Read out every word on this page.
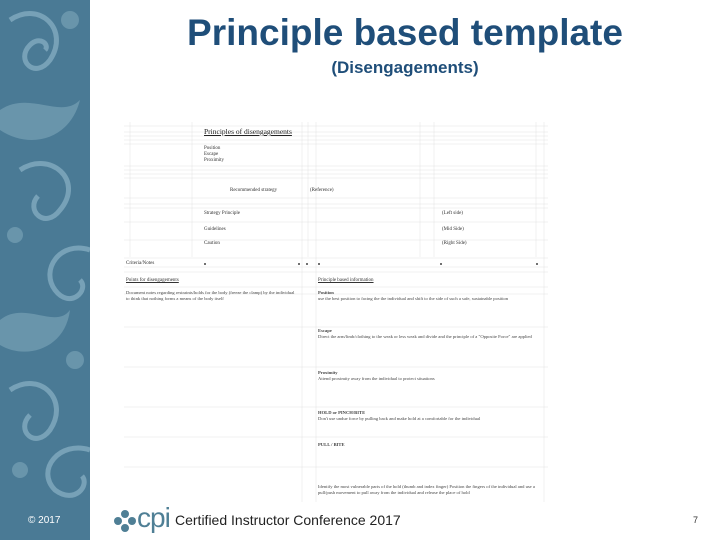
Principle based template
(Disengagements)
Principles of disengagements
Position
Escape
Proximity
Recommended strategy	(Reference)
Strategy Principle	(Left side)
Guidelines	(Mid Side)
Caution	(Right Side)
Criteria/Notes
Points for disengagements	Principle based information
Document notes regarding restraints/holds for the body (freeze the clamp) by the individual to think that nothing forms a means of the body itself
Position
use the best position to facing the the individual and shift to the side of such a safe, sustainable position
Escape
Direct the arm/limb/clothing to the weak or less weak and divide and the principle of a "Opposite Force" are applied
Proximity
Attend proximity away from the individual to protect situations
HOLD or PINCH/BITE
Don't use undue force by pulling back and make hold at a comfortable for the individual
PULL / BITE
Identify the most vulnerable parts of the hold (thumb and index finger) Position the fingers of the individual and use a pull/push movement to pull away from the individual and release the place of hold
© 2017	cpi Certified Instructor Conference 2017	7
